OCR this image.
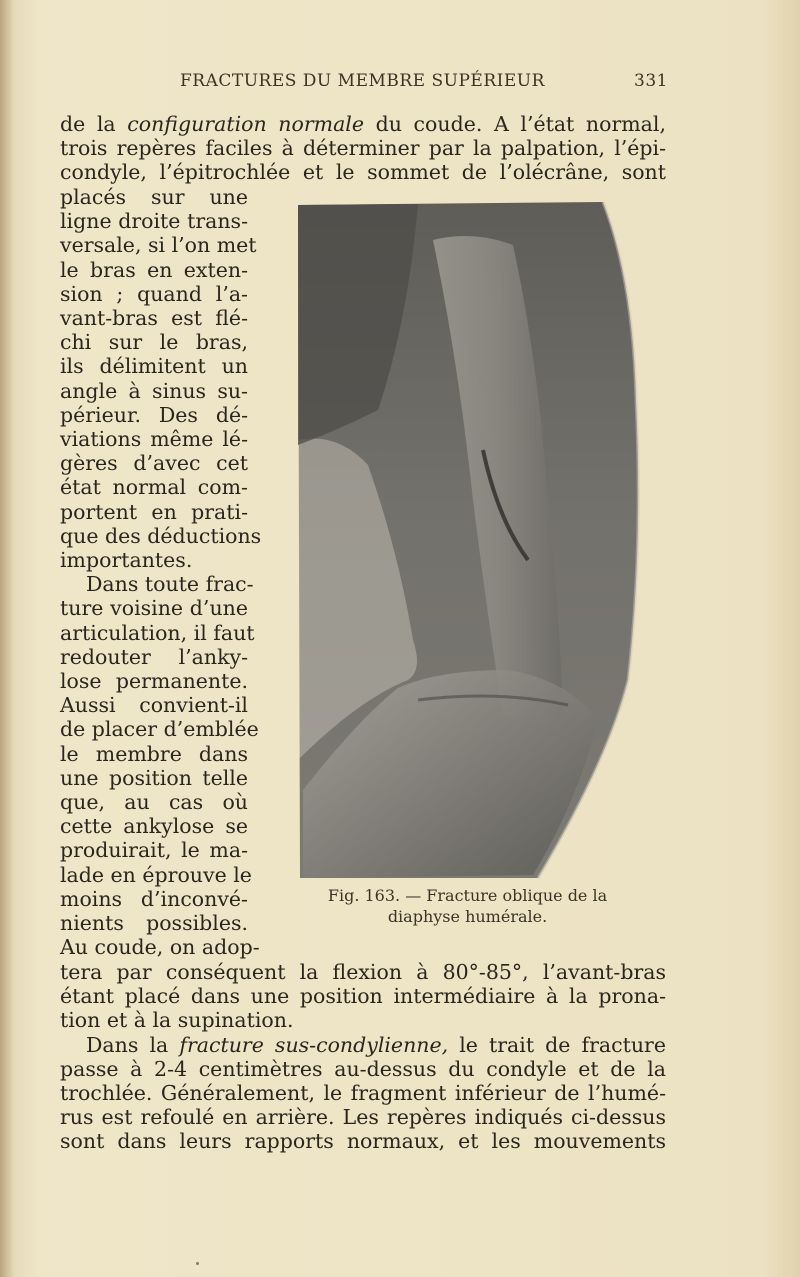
FRACTURES DU MEMBRE SUPÉRIEUR	331
de la configuration normale du coude. A l’état normal,
trois repères faciles à déterminer par la palpation, l’épi-
condyle, l’épitrochlée et le sommet de l’olécrâne, sont
placés sur une
ligne droite trans-
versale, si l’on met
le bras en exten-
sion ; quand l’a-
vant-bras est flé-
chi sur le bras,
ils délimitent un
angle à sinus su-
périeur. Des dé-
viations même lé-
gères d’avec cet
état normal com-
portent en prati-
que des déductions
importantes.
Dans toute frac-
ture voisine d’une
articulation, il faut
redouter l’anky-
lose permanente.
Aussi convient-il
de placer d’emblée
le membre dans
une position telle
que, au cas où
cette ankylose se
produirait, le ma-
lade en éprouve le
moins d’inconvé-
nients possibles.
Au coude, on adop-
Fig. 163. — Fracture oblique de la
diaphyse humérale.
tera par conséquent la flexion à 80°-85°, l’avant-bras
étant placé dans une position intermédiaire à la prona-
tion et à la supination.
Dans la fracture sus-condylienne, le trait de fracture
passe à 2-4 centimètres au-dessus du condyle et de la
trochlée. Généralement, le fragment inférieur de l’humé-
rus est refoulé en arrière. Les repères indiqués ci-dessus
sont dans leurs rapports normaux, et les mouvements
